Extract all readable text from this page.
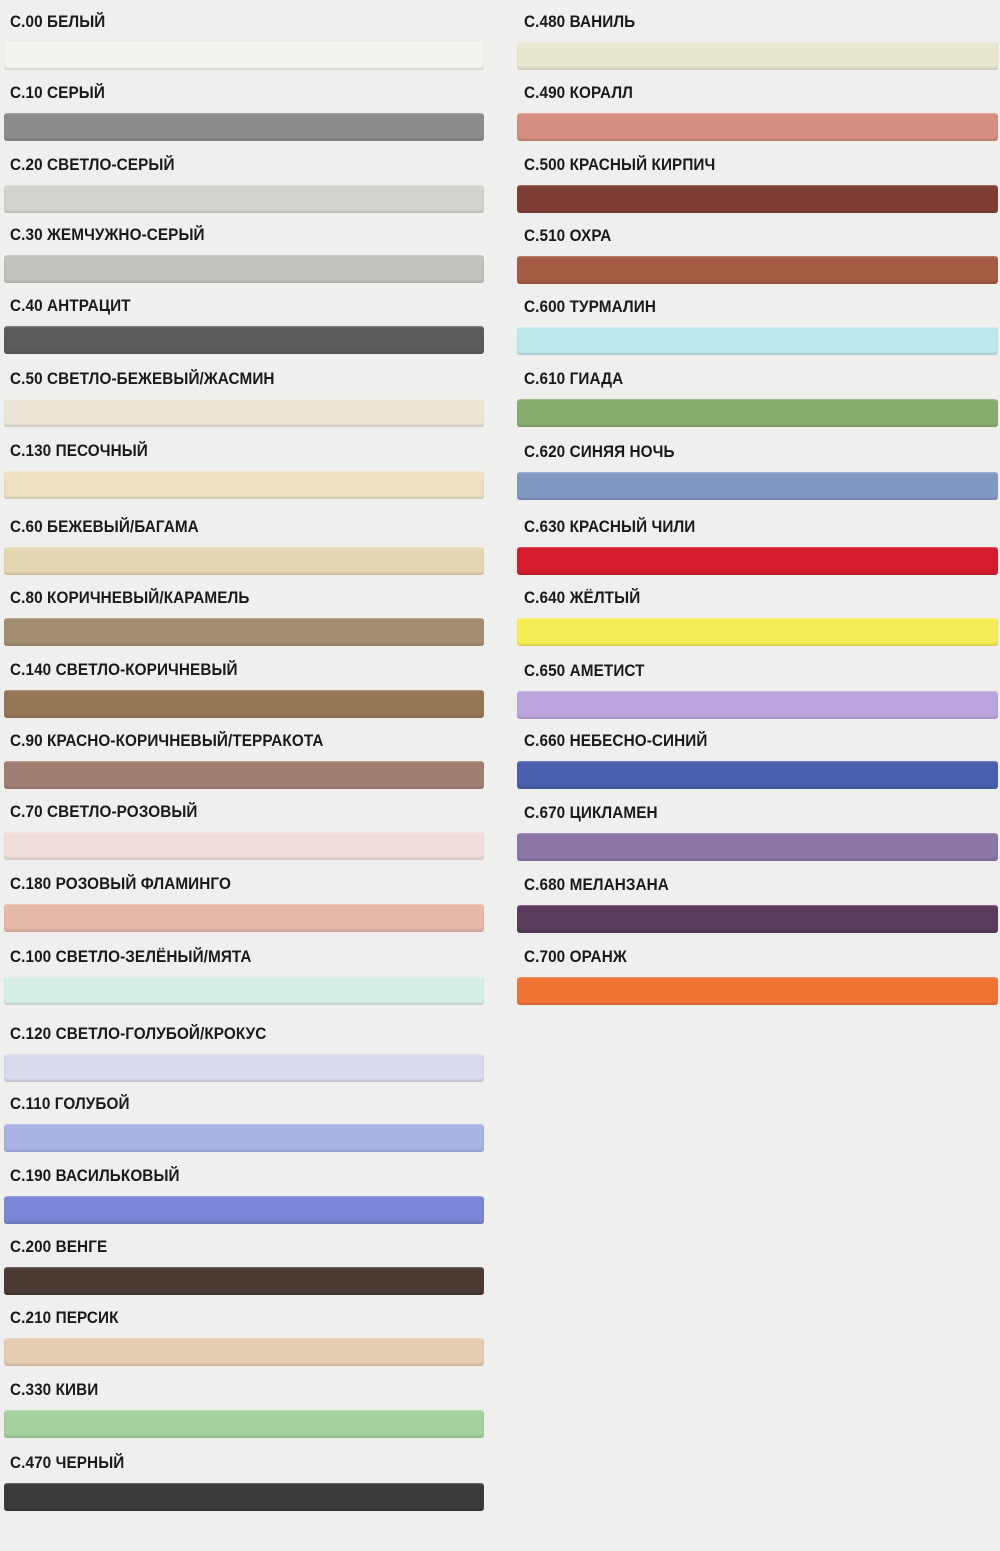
C.00 БЕЛЫЙ
C.10 СЕРЫЙ
C.20 СВЕТЛО-СЕРЫЙ
C.30 ЖЕМЧУЖНО-СЕРЫЙ
C.40 АНТРАЦИТ
C.50 СВЕТЛО-БЕЖЕВЫЙ/ЖАСМИН
C.130 ПЕСОЧНЫЙ
C.60 БЕЖЕВЫЙ/БАГАМА
C.80 КОРИЧНЕВЫЙ/КАРАМЕЛЬ
C.140 СВЕТЛО-КОРИЧНЕВЫЙ
C.90 КРАСНО-КОРИЧНЕВЫЙ/ТЕРРАКОТА
C.70 СВЕТЛО-РОЗОВЫЙ
C.180 РОЗОВЫЙ ФЛАМИНГО
C.100 СВЕТЛО-ЗЕЛЁНЫЙ/МЯТА
C.120 СВЕТЛО-ГОЛУБОЙ/КРОКУС
C.110 ГОЛУБОЙ
C.190 ВАСИЛЬКОВЫЙ
C.200 ВЕНГЕ
C.210 ПЕРСИК
C.330 КИВИ
C.470 ЧЕРНЫЙ
C.480 ВАНИЛЬ
C.490 КОРАЛЛ
C.500 КРАСНЫЙ КИРПИЧ
C.510 ОХРА
C.600 ТУРМАЛИН
C.610 ГИАДА
C.620 СИНЯЯ НОЧЬ
C.630 КРАСНЫЙ ЧИЛИ
C.640 ЖЁЛТЫЙ
C.650 АМЕТИСТ
C.660 НЕБЕСНО-СИНИЙ
C.670 ЦИКЛАМЕН
C.680 МЕЛАНЗАНА
C.700 ОРАНЖ
